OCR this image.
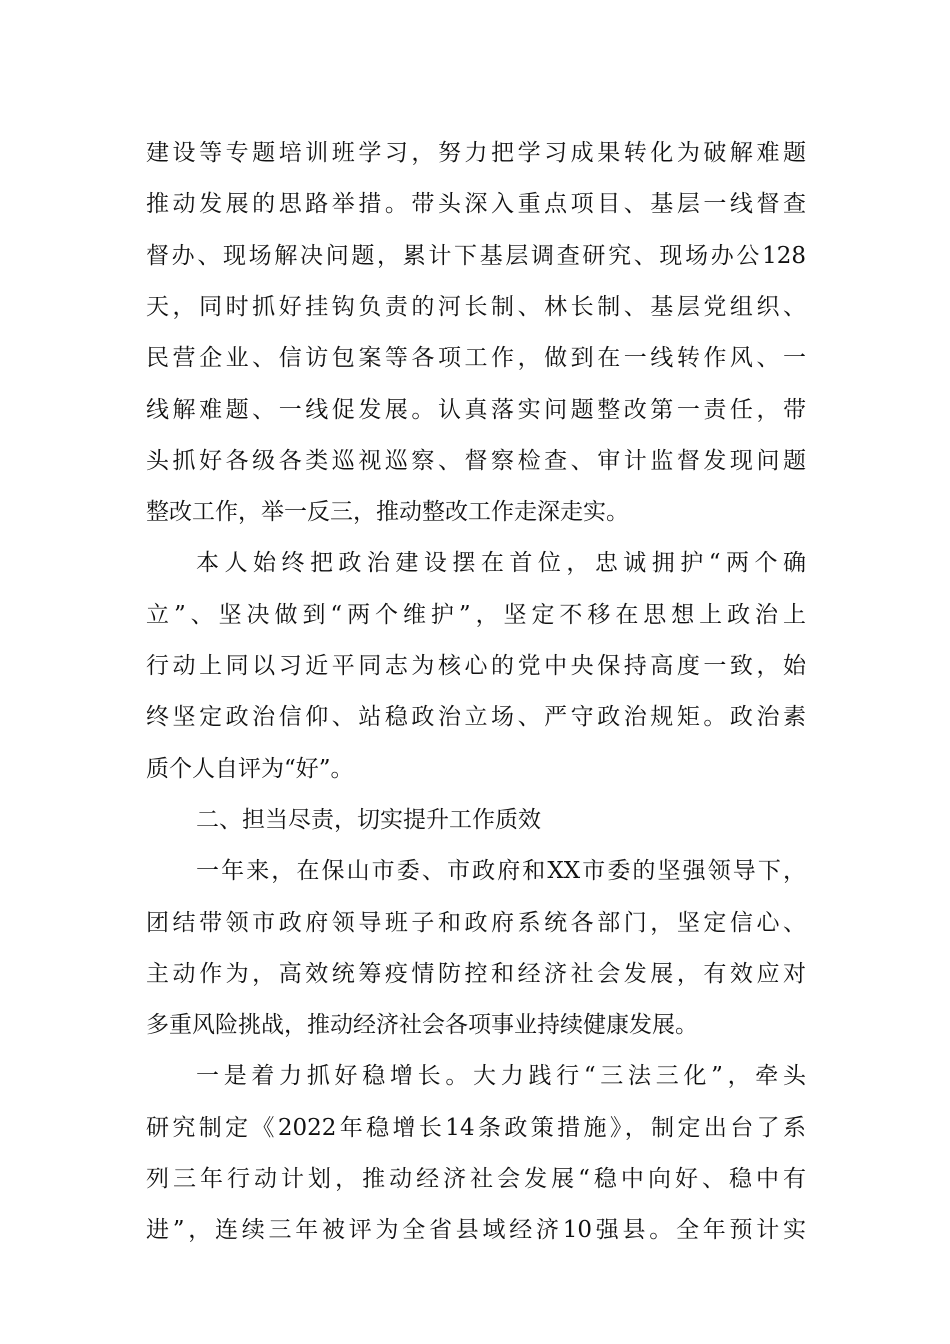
建设等专题培训班学习，努力把学习成果转化为破解难题
推动发展的思路举措。带头深入重点项目、基层一线督查
督办、现场解决问题，累计下基层调查研究、现场办公128
天，同时抓好挂钩负责的河长制、林长制、基层党组织、
民营企业、信访包案等各项工作，做到在一线转作风、一
线解难题、一线促发展。认真落实问题整改第一责任，带
头抓好各级各类巡视巡察、督察检查、审计监督发现问题
整改工作，举一反三，推动整改工作走深走实。
本人始终把政治建设摆在首位，忠诚拥护“两个确
立”、坚决做到“两个维护”，坚定不移在思想上政治上
行动上同以习近平同志为核心的党中央保持高度一致，始
终坚定政治信仰、站稳政治立场、严守政治规矩。政治素
质个人自评为“好”。
二、担当尽责，切实提升工作质效
一年来，在保山市委、市政府和XX市委的坚强领导下，
团结带领市政府领导班子和政府系统各部门，坚定信心、
主动作为，高效统筹疫情防控和经济社会发展，有效应对
多重风险挑战，推动经济社会各项事业持续健康发展。
一是着力抓好稳增长。大力践行“三法三化”，牵头
研究制定《2022年稳增长14条政策措施》，制定出台了系
列三年行动计划，推动经济社会发展“稳中向好、稳中有
进”，连续三年被评为全省县域经济10强县。全年预计实
